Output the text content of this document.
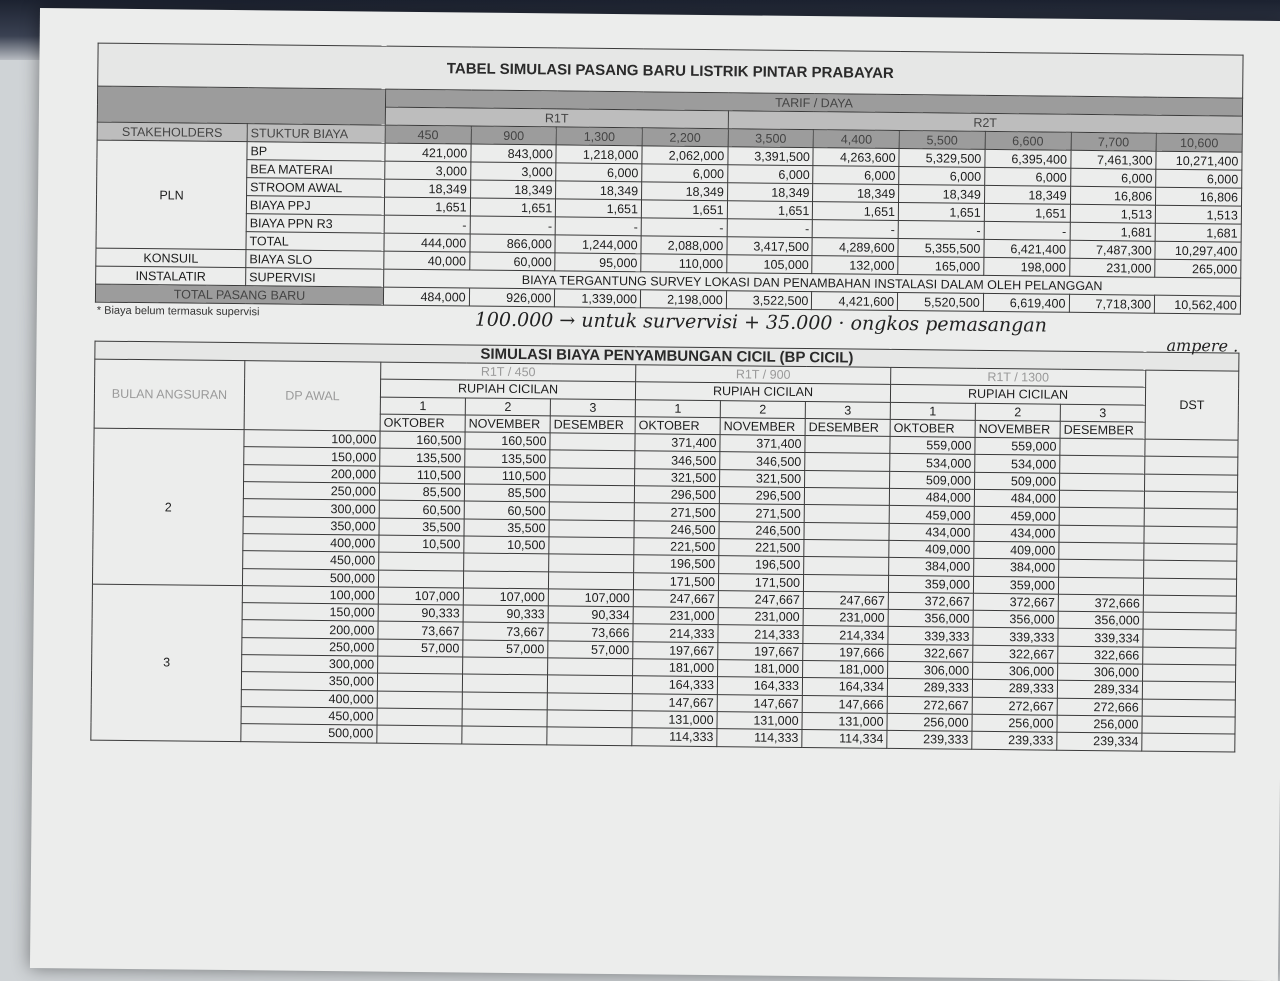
TABEL SIMULASI PASANG BARU LISTRIK PINTAR PRABAYAR											
		TARIF / DAYA									
		R1T				R2T					
STAKEHOLDERS	STUKTUR BIAYA	450	900	1,300	2,200	3,500	4,400	5,500	6,600	7,700	10,600
PLN	BP	421,000	843,000	1,218,000	2,062,000	3,391,500	4,263,600	5,329,500	6,395,400	7,461,300	10,271,400
	BEA MATERAI	3,000	3,000	6,000	6,000	6,000	6,000	6,000	6,000	6,000	6,000
	STROOM AWAL	18,349	18,349	18,349	18,349	18,349	18,349	18,349	18,349	16,806	16,806
	BIAYA PPJ	1,651	1,651	1,651	1,651	1,651	1,651	1,651	1,651	1,513	1,513
	BIAYA PPN R3	-	-	-	-	-	-	-	-	1,681	1,681
	TOTAL	444,000	866,000	1,244,000	2,088,000	3,417,500	4,289,600	5,355,500	6,421,400	7,487,300	10,297,400
KONSUIL	BIAYA SLO	40,000	60,000	95,000	110,000	105,000	132,000	165,000	198,000	231,000	265,000
INSTALATIR	SUPERVISI	BIAYA TERGANTUNG SURVEY LOKASI DAN PENAMBAHAN INSTALASI DALAM OLEH PELANGGAN									
TOTAL PASANG BARU		484,000	926,000	1,339,000	2,198,000	3,522,500	4,421,600	5,520,500	6,619,400	7,718,300	10,562,400
* Biaya belum termasuk supervisi	100.000 → untuk survervisi + 35.000 · ongkos pemasangan
ampere .
SIMULASI BIAYA PENYAMBUNGAN CICIL (BP CICIL)											
BULAN ANGSURAN	DP AWAL	R1T / 450			R1T / 900			R1T / 1300			DST
		RUPIAH CICILAN			RUPIAH CICILAN			RUPIAH CICILAN			
		1	2	3	1	2	3	1	2	3	
		OKTOBER	NOVEMBER	DESEMBER	OKTOBER	NOVEMBER	DESEMBER	OKTOBER	NOVEMBER	DESEMBER	
2	100,000	160,500	160,500		371,400	371,400		559,000	559,000		
	150,000	135,500	135,500		346,500	346,500		534,000	534,000		
	200,000	110,500	110,500		321,500	321,500		509,000	509,000		
	250,000	85,500	85,500		296,500	296,500		484,000	484,000		
	300,000	60,500	60,500		271,500	271,500		459,000	459,000		
	350,000	35,500	35,500		246,500	246,500		434,000	434,000		
	400,000	10,500	10,500		221,500	221,500		409,000	409,000		
	450,000				196,500	196,500		384,000	384,000		
	500,000				171,500	171,500		359,000	359,000		
3	100,000	107,000	107,000	107,000	247,667	247,667	247,667	372,667	372,667	372,666	
	150,000	90,333	90,333	90,334	231,000	231,000	231,000	356,000	356,000	356,000	
	200,000	73,667	73,667	73,666	214,333	214,333	214,334	339,333	339,333	339,334	
	250,000	57,000	57,000	57,000	197,667	197,667	197,666	322,667	322,667	322,666	
	300,000				181,000	181,000	181,000	306,000	306,000	306,000	
	350,000				164,333	164,333	164,334	289,333	289,333	289,334	
	400,000				147,667	147,667	147,666	272,667	272,667	272,666	
	450,000				131,000	131,000	131,000	256,000	256,000	256,000	
	500,000				114,333	114,333	114,334	239,333	239,333	239,334	
